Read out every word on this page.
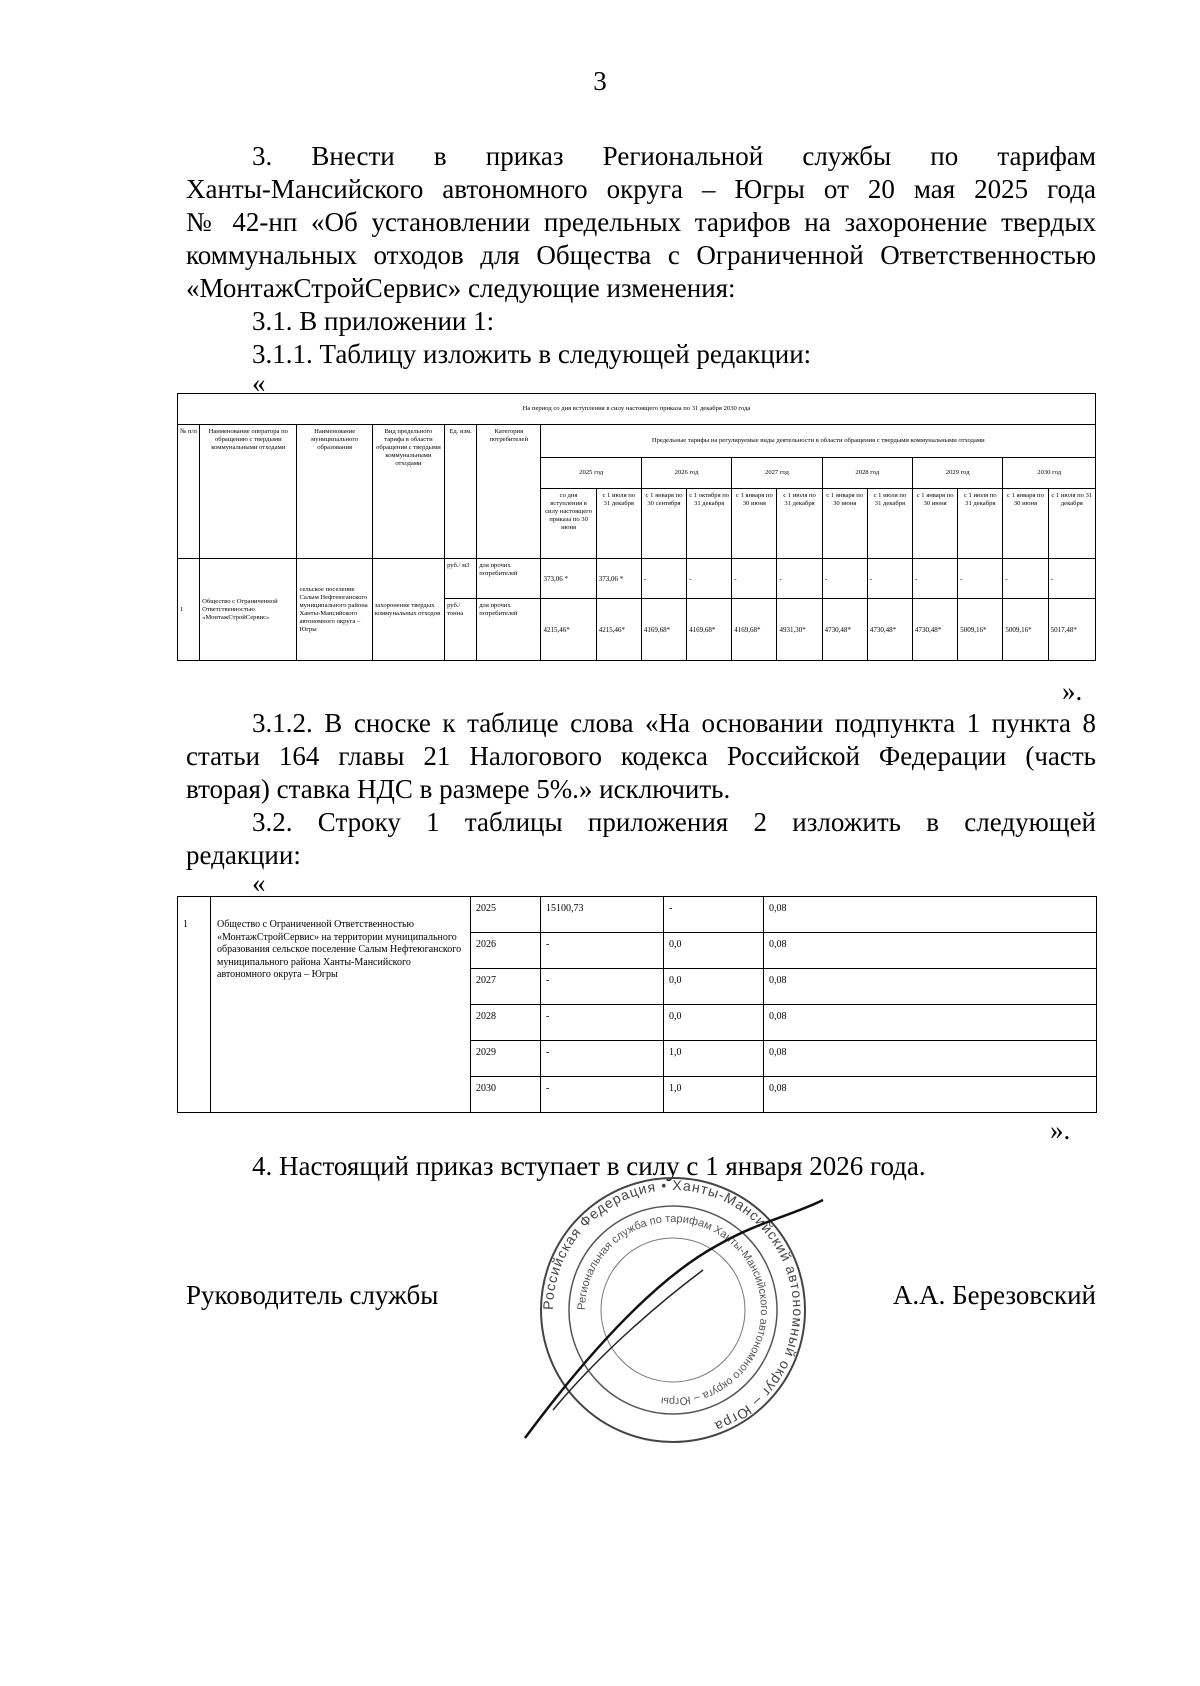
3
3. Внести в приказ Региональной службы по тарифам
Ханты-Мансийского автономного округа – Югры от 20 мая 2025 года
№ 42-нп «Об установлении предельных тарифов на захоронение твердых
коммунальных отходов для Общества с Ограниченной Ответственностью
«МонтажСтройСервис» следующие изменения:
3.1. В приложении 1:
3.1.1. Таблицу изложить в следующей редакции:
«
На период со дня вступления в силу настоящего приказа по 31 декабря 2030 года																	
№ п/п	Наименование оператора по обращению с твердыми коммунальными отходами	Наименование муниципального образования	Вид предельного тарифа в области обращения с твердыми коммунальными отходами	Ед. изм.	Категория потребителей	Предельные тарифы на регулируемые виды деятельности в области обращения с твердыми коммунальными отходами											
						2025 год		2026 год		2027 год		2028 год		2029 год		2030 год	
						со дня вступления в силу настоящего приказа по 30 июня	с 1 июля по 31 декабря	с 1 января по 30 сентября	с 1 октября по 31 декабря	с 1 января по 30 июня	с 1 июля по 31 декабря	с 1 января по 30 июня	с 1 июля по 31 декабря	с 1 января по 30 июня	с 1 июля по 31 декабря	с 1 января по 30 июня	с 1 июля по 31 декабря
1	Общество с Ограниченной Ответственностью «МонтажСтройСервис»	сельское поселение Салым Нефтеюганского муниципального района Ханты-Мансийского автономного округа – Югры	захоронение твердых коммунальных отходов	руб./ м3	для прочих потребителей	373,06 *	373,06 *	-	-	-	-	-	-	-	-	-	-
				руб./ тонна	для прочих потребителей	4215,46*	4215,46*	4169,68*	4169,68*	4169,68*	4931,30*	4730,48*	4730,48*	4730,48*	5009,16*	5009,16*	5017,48*
».
3.1.2. В сноске к таблице слова «На основании подпункта 1 пункта 8
статьи 164 главы 21 Налогового кодекса Российской Федерации (часть
вторая) ставка НДС в размере 5%.» исключить.
3.2. Строку 1 таблицы приложения 2 изложить в следующей
редакции:
«
1	Общество с Ограниченной Ответственностью «МонтажСтройСервис» на территории муниципального образования сельское поселение Салым Нефтеюганского муниципального района Ханты-Мансийского автономного округа – Югры	2025	15100,73	-	0,08
		2026	-	0,0	0,08
		2027	-	0,0	0,08
		2028	-	0,0	0,08
		2029	-	1,0	0,08
		2030	-	1,0	0,08
».
4. Настоящий приказ вступает в силу с 1 января 2026 года.
Руководитель службы	А.А. Березовский
Российская Федерация • Ханты-Мансийский автономный округ – Югра
Региональная служба по тарифам Ханты-Мансийского автономного округа – Югры
